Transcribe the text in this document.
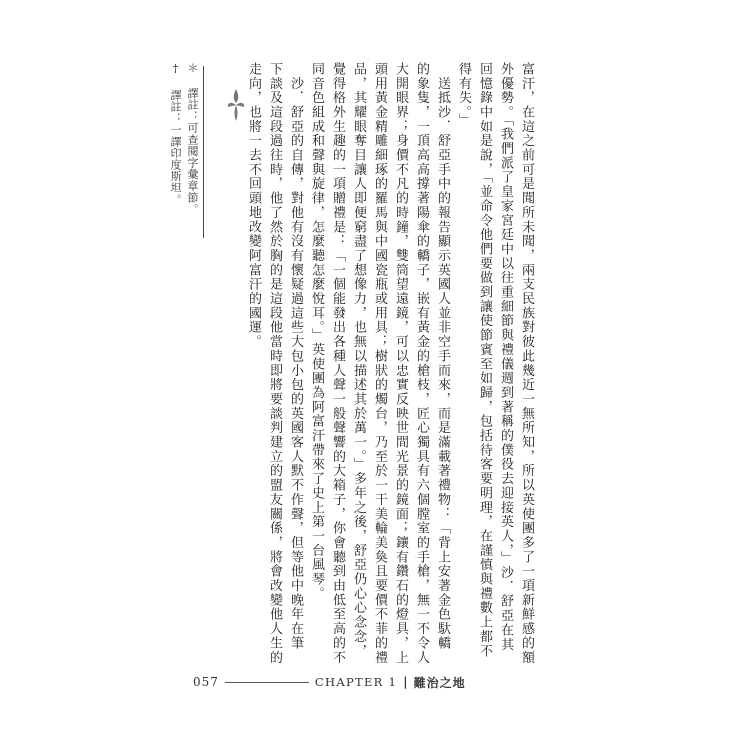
富汗，在這之前可是聞所未聞，兩支民族對彼此幾近一無所知，所以英使團多了一項新鮮感的額
外優勢。「我們派了皇家宮廷中以往重細節與禮儀週到著稱的僕役去迎接英人，」沙．舒亞在其
回憶錄中如是說，「並命令他們要做到讓使節賓至如歸，包括待客要明理，在謹慎與禮數上都不
得有失。」
　送抵沙．舒亞手中的報告顯示英國人並非空手而來，而是滿載著禮物：「背上安著金色馱轎
的象隻，一頂高高撐著陽傘的轎子，嵌有黃金的槍枝，匠心獨具有六個膛室的手槍，無一不令人
大開眼界；身價不凡的時鐘，雙筒望遠鏡，可以忠實反映世間光景的鏡面；鑲有鑽石的燈具，上
頭用黃金精雕細琢的羅馬與中國瓷瓶或用具；樹狀的燭台，乃至於一干美輪美奐且要價不菲的禮
品，其耀眼奪目讓人即便窮盡了想像力，也無以描述其於萬一。」多年之後，舒亞仍心心念念，
覺得格外生趣的一項贈禮是：「一個能發出各種人聲一般聲響的大箱子，你會聽到由低至高的不
同音色組成和聲與旋律，怎麼聽怎麼悅耳。」英使團為阿富汗帶來了史上第一台風琴。
　沙．舒亞的自傳，對他有沒有懷疑過這些大包小包的英國客人默不作聲，但等他中晚年在筆
下談及這段過往時，他了然於胸的是這段他當時即將要談判建立的盟友關係，將會改變他人生的
走向，也將一去不回頭地改變阿富汗的國運。
＊ 譯註：可查閱字彙章節。
† 譯註：一譯印度斯坦。
057	CHAPTER 1 | 難治之地
